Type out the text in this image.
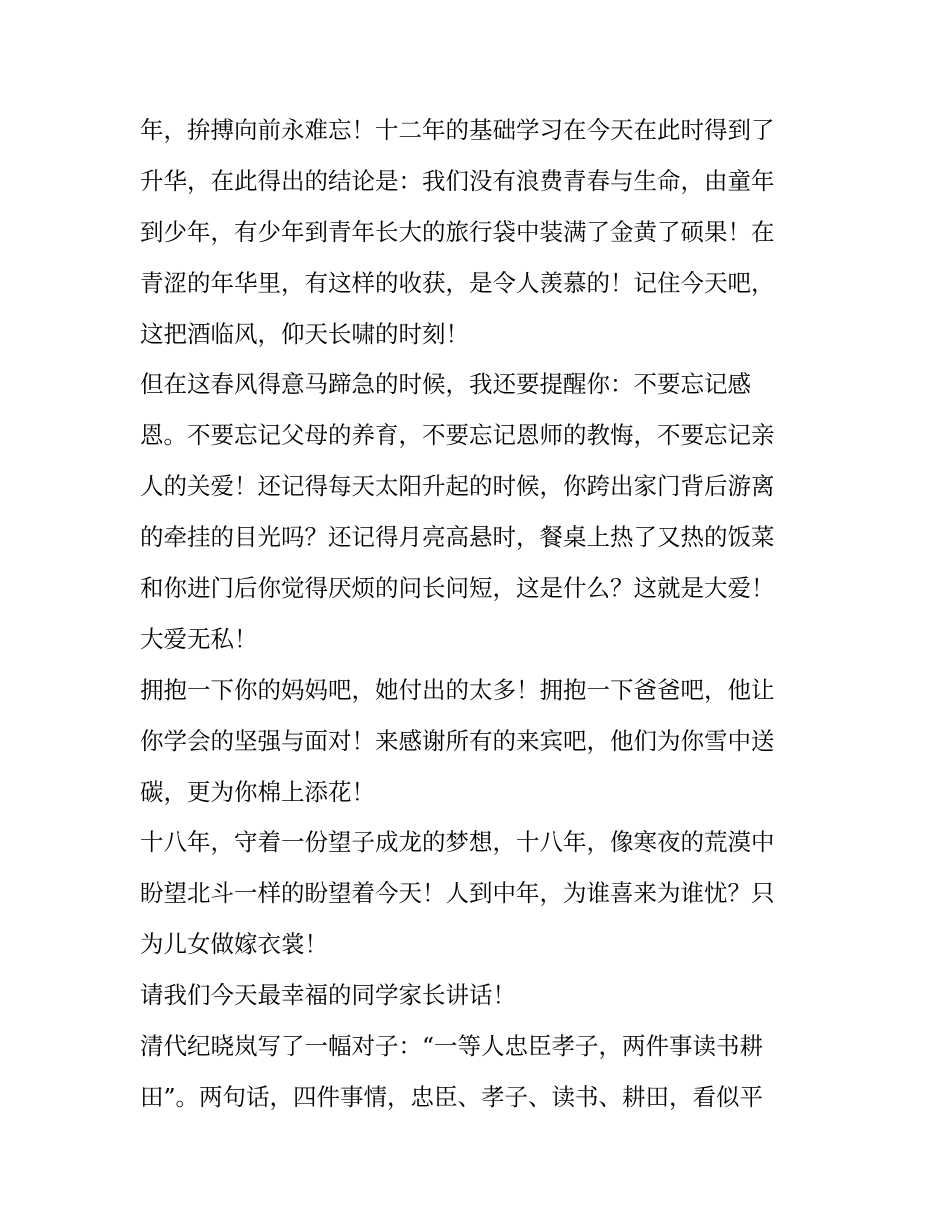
年，拚搏向前永难忘！十二年的基础学习在今天在此时得到了
升华，在此得出的结论是：我们没有浪费青春与生命，由童年
到少年，有少年到青年长大的旅行袋中装满了金黄了硕果！在
青涩的年华里，有这样的收获，是令人羡慕的！记住今天吧，
这把酒临风，仰天长啸的时刻！
但在这春风得意马蹄急的时候，我还要提醒你：不要忘记感
恩。不要忘记父母的养育，不要忘记恩师的教悔，不要忘记亲
人的关爱！还记得每天太阳升起的时候，你跨出家门背后游离
的牵挂的目光吗？还记得月亮高悬时，餐桌上热了又热的饭菜
和你进门后你觉得厌烦的问长问短，这是什么？这就是大爱！
大爱无私！
拥抱一下你的妈妈吧，她付出的太多！拥抱一下爸爸吧，他让
你学会的坚强与面对！来感谢所有的来宾吧，他们为你雪中送
碳，更为你棉上添花！
十八年，守着一份望子成龙的梦想，十八年，像寒夜的荒漠中
盼望北斗一样的盼望着今天！人到中年，为谁喜来为谁忧？只
为儿女做嫁衣裳！
请我们今天最幸福的同学家长讲话！
清代纪晓岚写了一幅对子：“一等人忠臣孝子，两件事读书耕
田”。两句话，四件事情，忠臣、孝子、读书、耕田，看似平
